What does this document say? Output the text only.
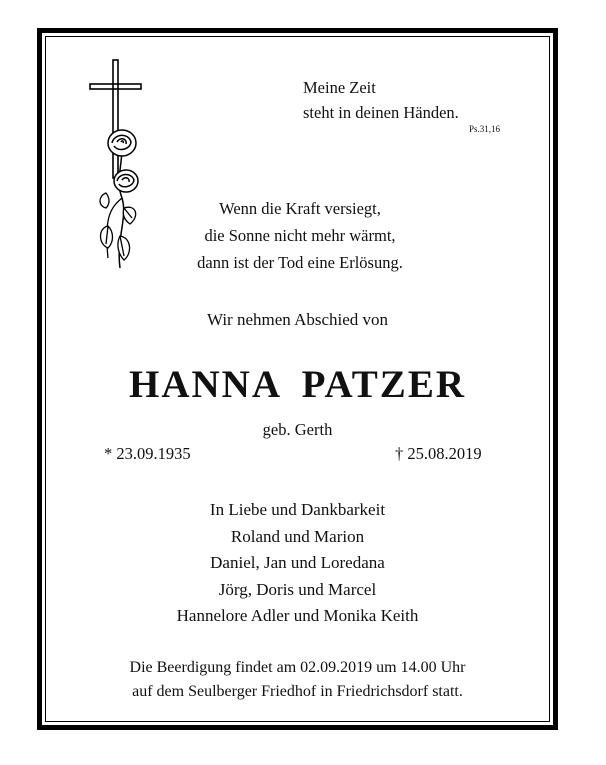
Meine Zeit
steht in deinen Händen.
Ps.31,16
Wenn die Kraft versiegt,
die Sonne nicht mehr wärmt,
dann ist der Tod eine Erlösung.
Wir nehmen Abschied von
HANNA PATZER
geb. Gerth
* 23.09.1935	† 25.08.2019
In Liebe und Dankbarkeit
Roland und Marion
Daniel, Jan und Loredana
Jörg, Doris und Marcel
Hannelore Adler und Monika Keith
Die Beerdigung findet am 02.09.2019 um 14.00 Uhr
auf dem Seulberger Friedhof in Friedrichsdorf statt.
